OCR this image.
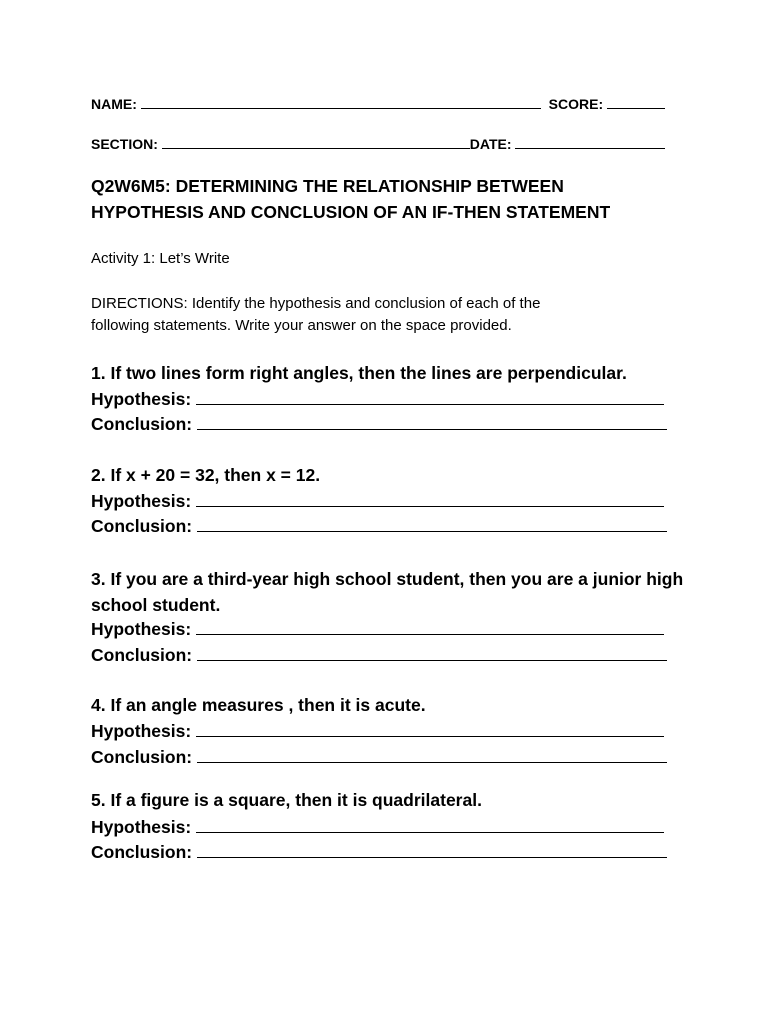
NAME:	SCORE:
SECTION:	DATE:
Q2W6M5: DETERMINING THE RELATIONSHIP BETWEEN
HYPOTHESIS AND CONCLUSION OF AN IF-THEN STATEMENT
Activity 1: Let’s Write
DIRECTIONS: Identify the hypothesis and conclusion of each of the
following statements. Write your answer on the space provided.
1. If two lines form right angles, then the lines are perpendicular.
Hypothesis:
Conclusion:
2. If x + 20 = 32, then x = 12.
Hypothesis:
Conclusion:
3. If you are a third-year high school student, then you are a junior high school student.
Hypothesis:
Conclusion:
4. If an angle measures , then it is acute.
Hypothesis:
Conclusion:
5. If a figure is a square, then it is quadrilateral.
Hypothesis:
Conclusion:
